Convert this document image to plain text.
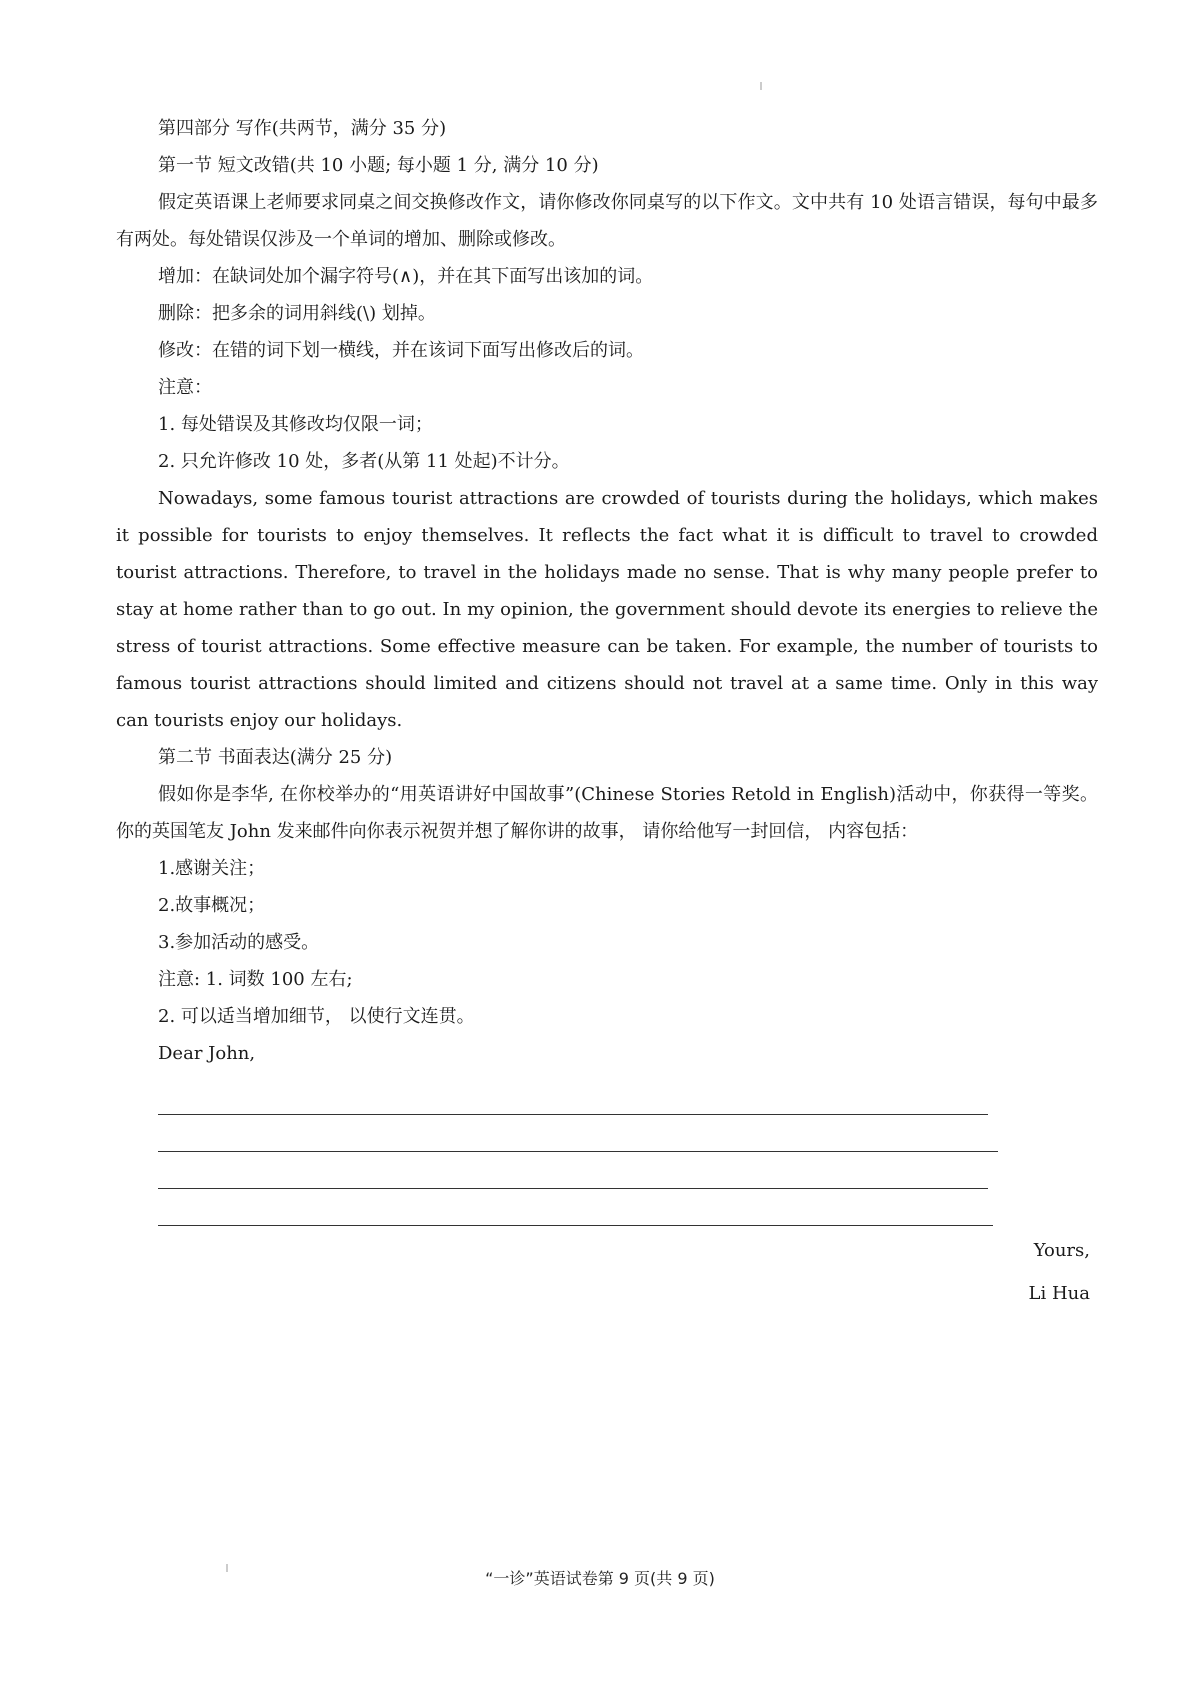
第四部分 写作(共两节，满分 35 分)

第一节 短文改错(共 10 小题; 每小题 1 分, 满分 10 分)

假定英语课上老师要求同桌之间交换修改作文，请你修改你同桌写的以下作文。文中共有 10 处语言错误，每句中最多有两处。每处错误仅涉及一个单词的增加、删除或修改。

增加：在缺词处加个漏字符号(∧)，并在其下面写出该加的词。

删除：把多余的词用斜线(\) 划掉。

修改：在错的词下划一横线，并在该词下面写出修改后的词。

注意：

1. 每处错误及其修改均仅限一词；

2. 只允许修改 10 处，多者(从第 11 处起)不计分。

Nowadays, some famous tourist attractions are crowded of tourists during the holidays, which makes it possible for tourists to enjoy themselves. It reflects the fact what it is difficult to travel to crowded tourist attractions. Therefore, to travel in the holidays made no sense. That is why many people prefer to stay at home rather than to go out. In my opinion, the government should devote its energies to relieve the stress of tourist attractions. Some effective measure can be taken. For example, the number of tourists to famous tourist attractions should limited and citizens should not travel at a same time. Only in this way can tourists enjoy our holidays.

第二节 书面表达(满分 25 分)

假如你是李华, 在你校举办的“用英语讲好中国故事”(Chinese Stories Retold in English)活动中，你获得一等奖。你的英国笔友 John 发来邮件向你表示祝贺并想了解你讲的故事， 请你给他写一封回信， 内容包括：

1.感谢关注；

2.故事概况；

3.参加活动的感受。

注意: 1. 词数 100 左右;

2. 可以适当增加细节， 以使行文连贯。

Dear John,

Yours,

Li Hua

“一诊”英语试卷第 9 页(共 9 页)
